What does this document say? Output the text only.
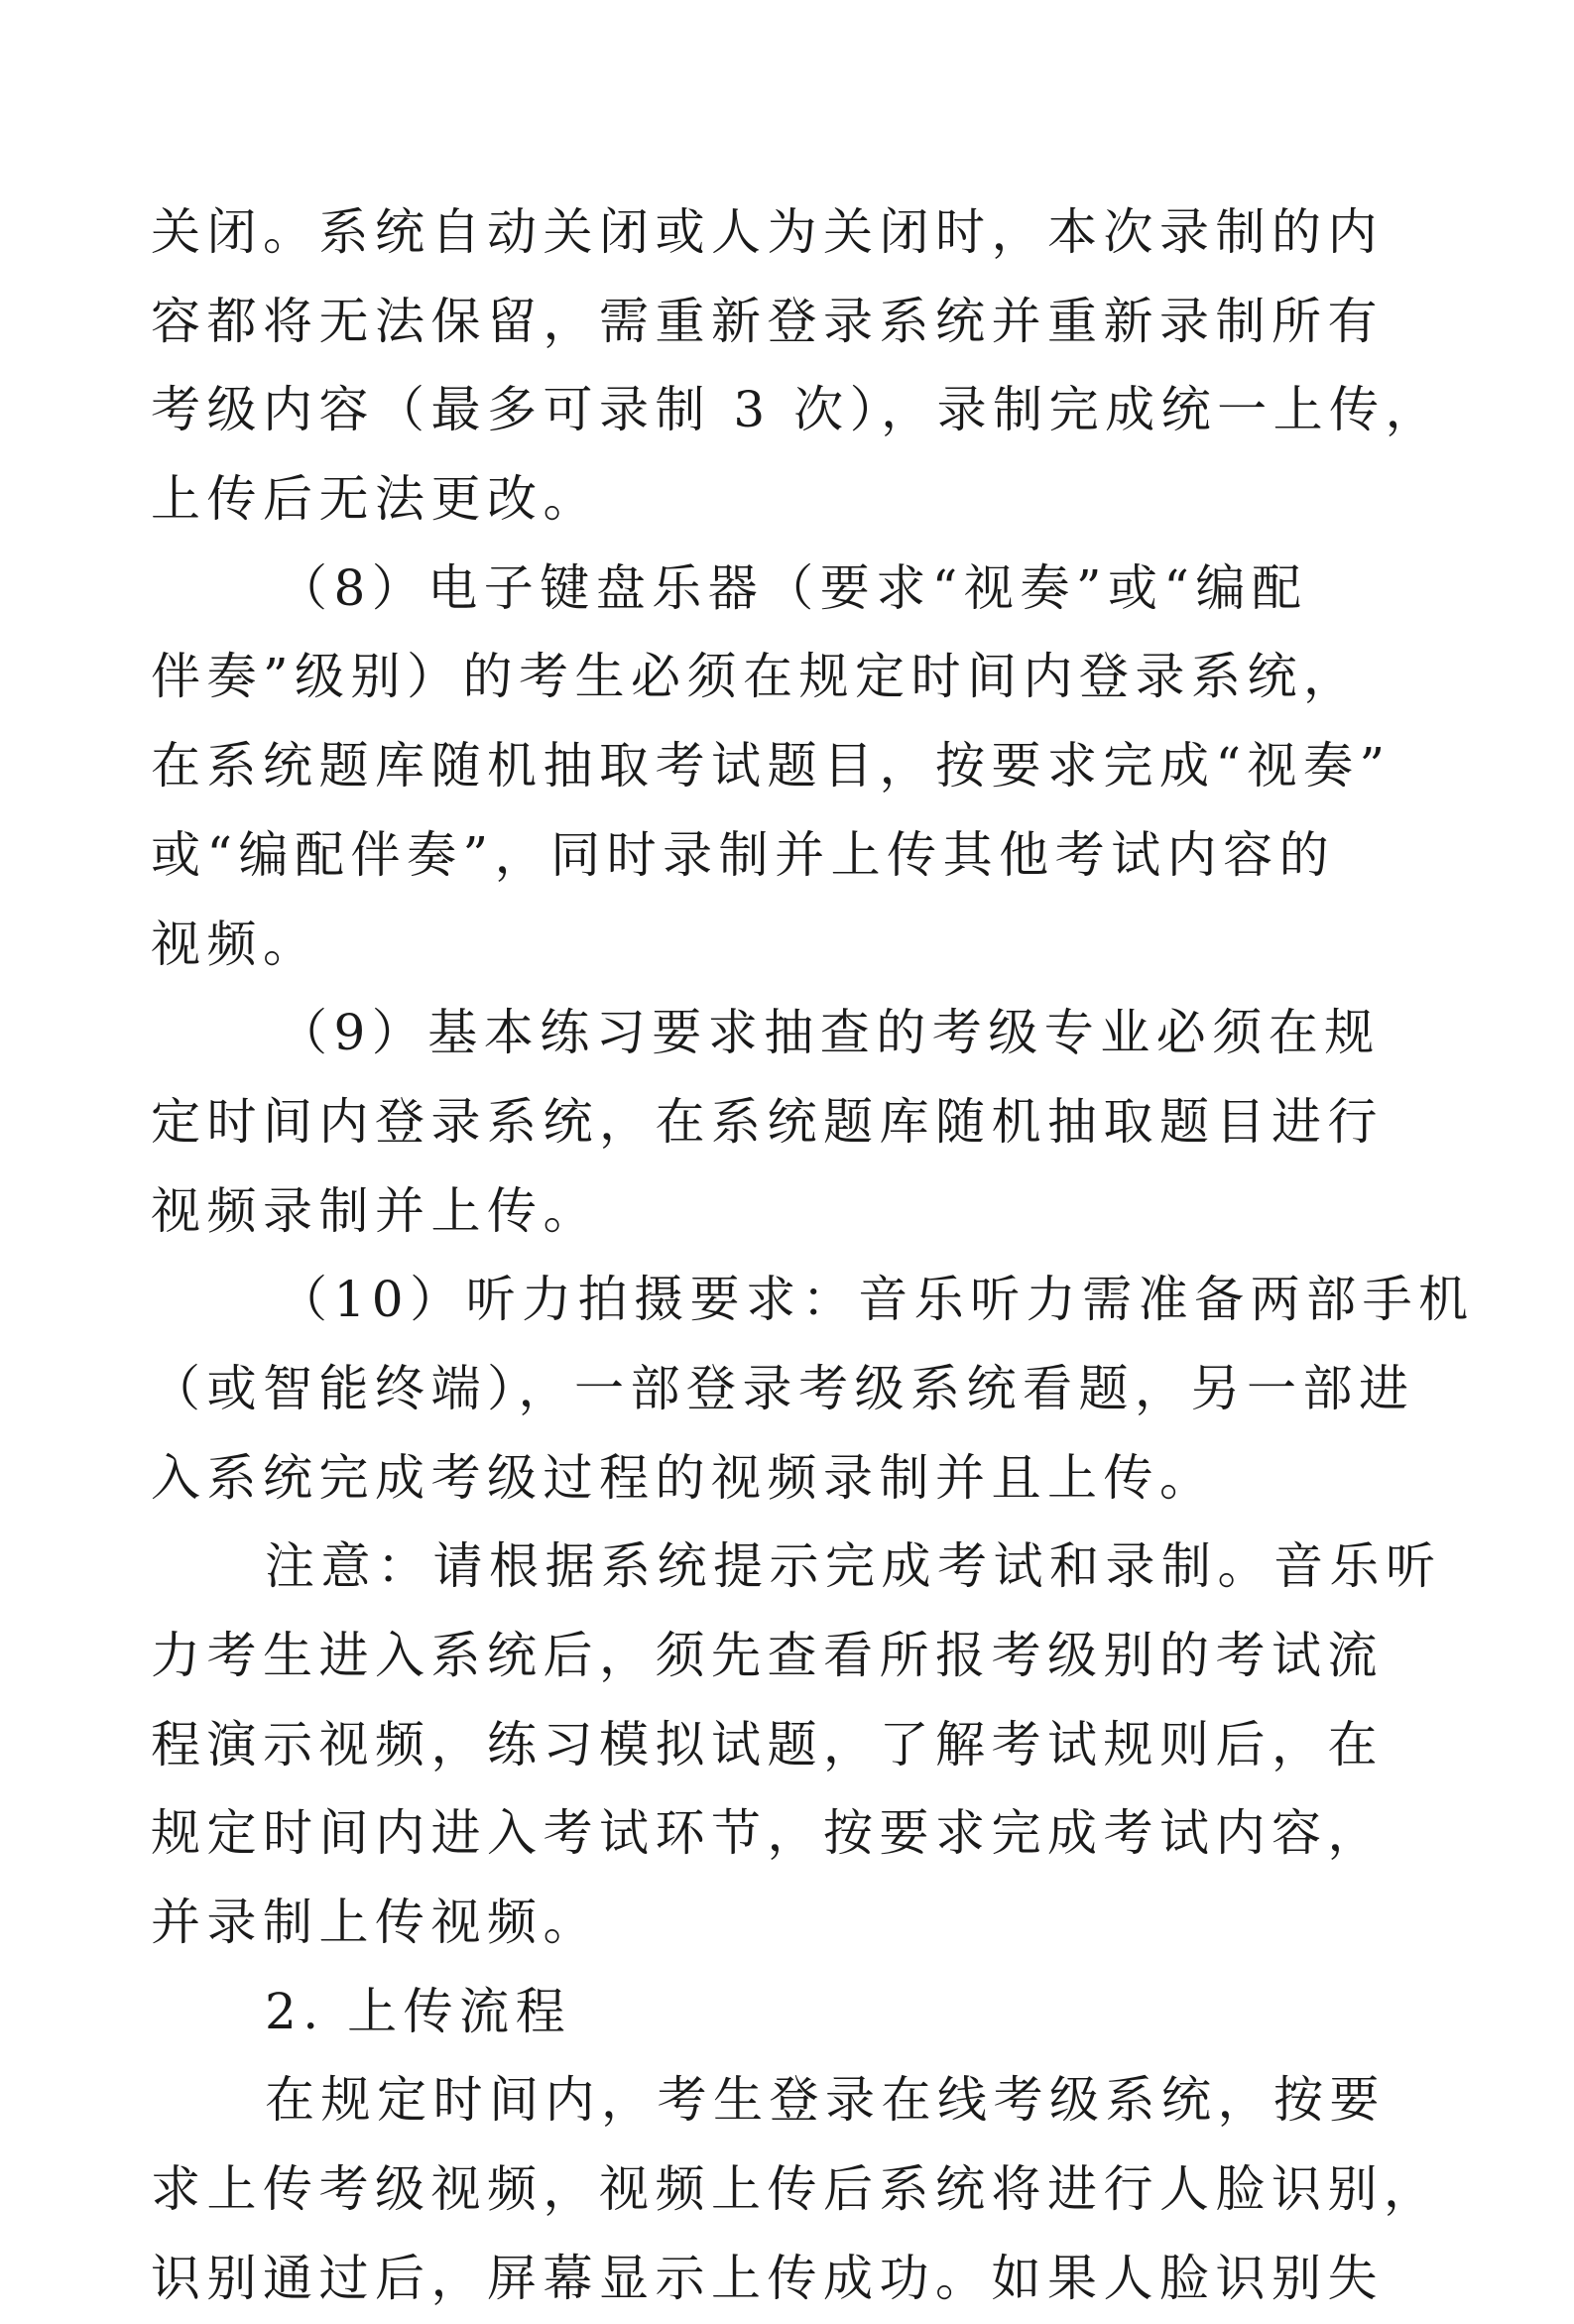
关闭。系统自动关闭或人为关闭时，本次录制的内
容都将无法保留，需重新登录系统并重新录制所有
考级内容（最多可录制 3 次），录制完成统一上传，
上传后无法更改。
（8）电子键盘乐器（要求“视奏”或“编配
伴奏”级别）的考生必须在规定时间内登录系统，
在系统题库随机抽取考试题目，按要求完成“视奏”
或“编配伴奏”，同时录制并上传其他考试内容的
视频。
（9）基本练习要求抽查的考级专业必须在规
定时间内登录系统，在系统题库随机抽取题目进行
视频录制并上传。
（10）听力拍摄要求：音乐听力需准备两部手机
（或智能终端），一部登录考级系统看题，另一部进
入系统完成考级过程的视频录制并且上传。
注意：请根据系统提示完成考试和录制。音乐听
力考生进入系统后，须先查看所报考级别的考试流
程演示视频，练习模拟试题，了解考试规则后，在
规定时间内进入考试环节，按要求完成考试内容，
并录制上传视频。
2. 上传流程
在规定时间内，考生登录在线考级系统，按要
求上传考级视频，视频上传后系统将进行人脸识别，
识别通过后，屏幕显示上传成功。如果人脸识别失
